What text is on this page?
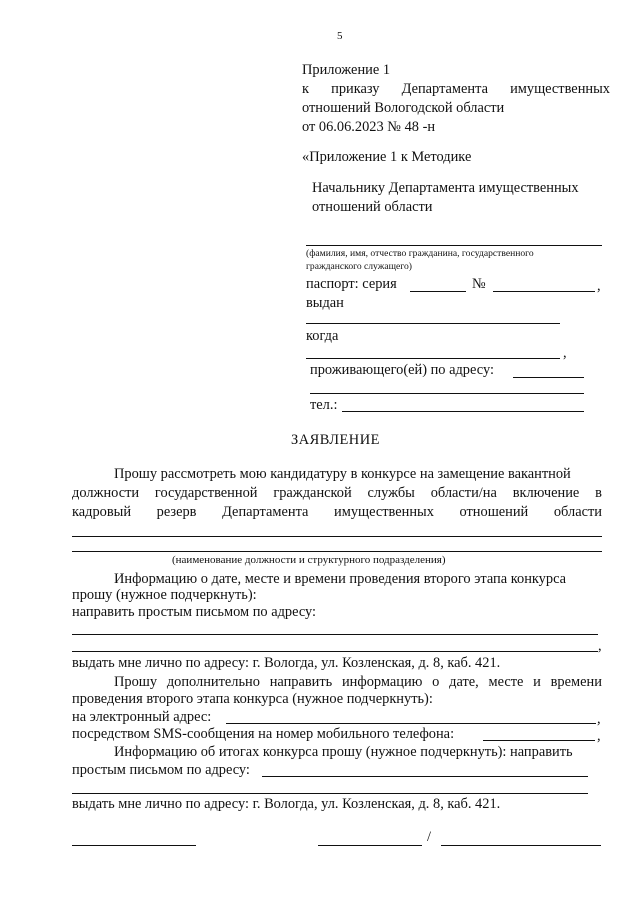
5
Приложение 1
к приказу Департамента имущественных
отношений Вологодской области
от 06.06.2023 № 48 -н
«Приложение 1 к Методике
Начальнику Департамента имущественных
отношений области
(фамилия, имя, отчество гражданина, государственного
гражданского служащего)
паспорт: серия	№	,
выдан
когда
,
проживающего(ей) по адресу:
тел.:
ЗАЯВЛЕНИЕ
Прошу рассмотреть мою кандидатуру в конкурсе на замещение вакантной
должности государственной гражданской службы области/на включение в
кадровый резерв Департамента имущественных отношений области
(наименование должности и структурного подразделения)
Информацию о дате, месте и времени проведения второго этапа конкурса
прошу (нужное подчеркнуть):
направить простым письмом по адресу:
,
выдать мне лично по адресу: г. Вологда, ул. Козленская, д. 8, каб. 421.
Прошу дополнительно направить информацию о дате, месте и времени
проведения второго этапа конкурса (нужное подчеркнуть):
на электронный адрес:	,
посредством SMS-сообщения на номер мобильного телефона:	,
Информацию об итогах конкурса прошу (нужное подчеркнуть): направить
простым письмом по адресу:
выдать мне лично по адресу: г. Вологда, ул. Козленская, д. 8, каб. 421.
/
